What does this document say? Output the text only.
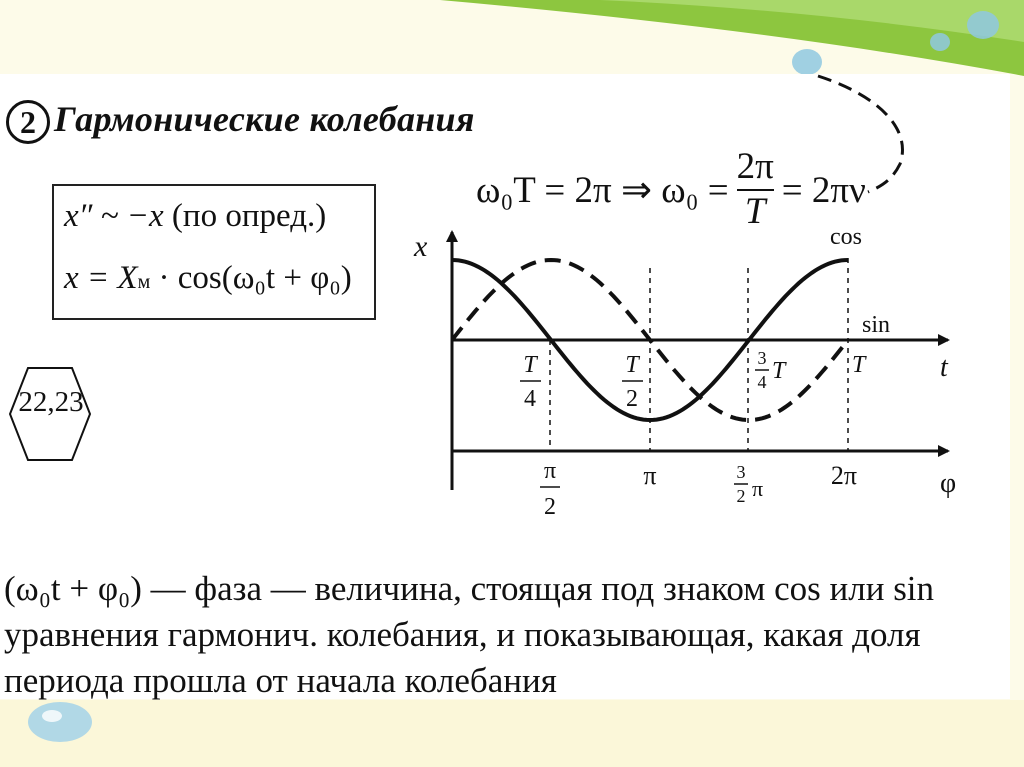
2 Гармонические колебания
x″ ~ −x (по опред.)
x = Xм · cos(ω₀t + φ₀)
22,23
ω₀T = 2π ⇒ $\omega_0 = \frac{2\pi}{T} = 2\pi\nu$
x
t
φ
cos
sin
T
4
T
2
3
4 T	T
π
2
π	3
2 π	2π
(ω₀t + φ₀) — фаза — величина, стоящая под знаком cos или sin уравнения гармонич. колебания, и показывающая, какая доля периода прошла от начала колебания
